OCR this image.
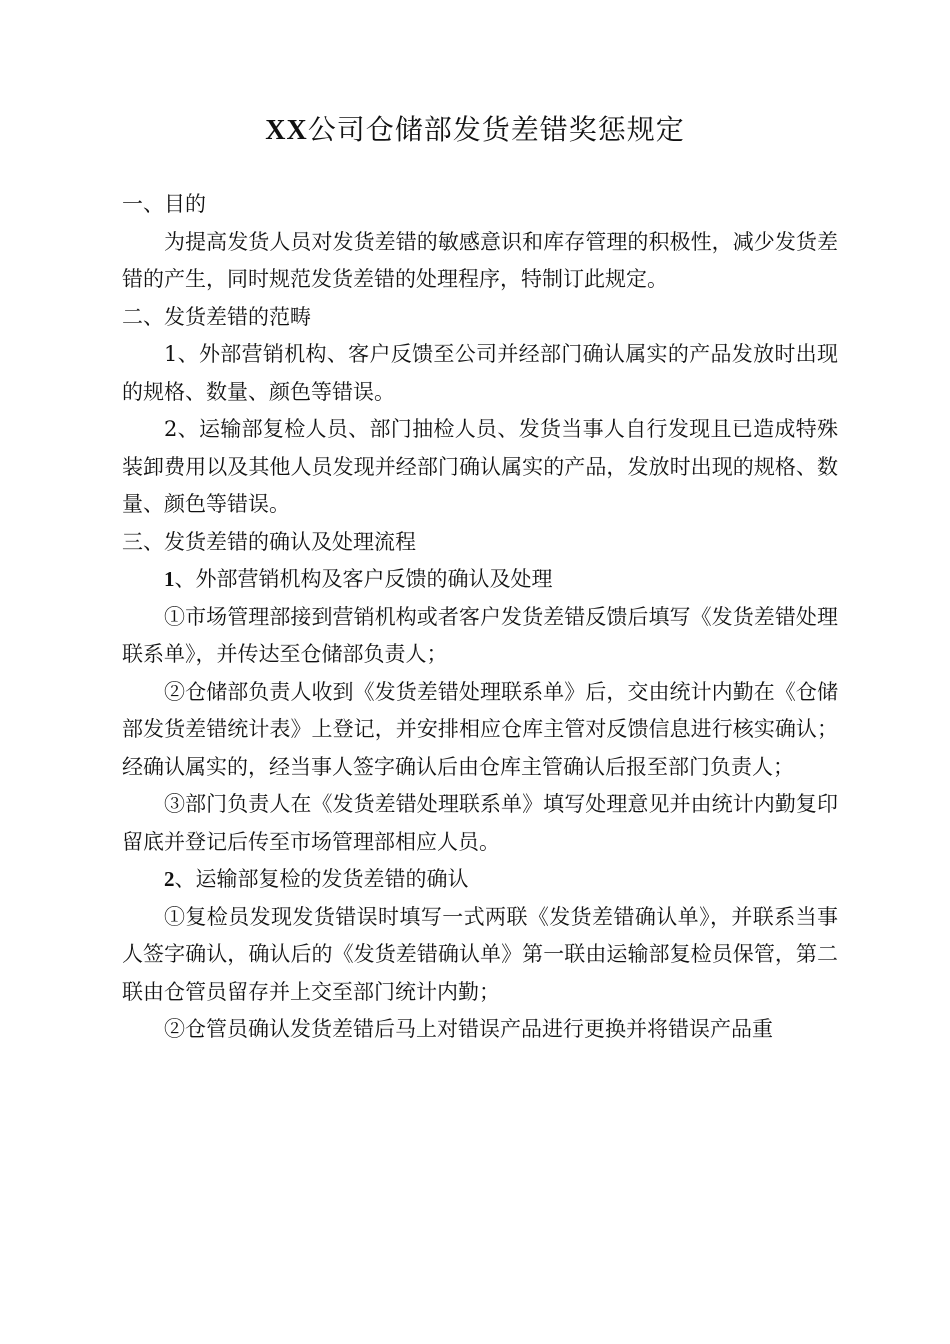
XX公司仓储部发货差错奖惩规定

一、目的

为提高发货人员对发货差错的敏感意识和库存管理的积极性，减少发货差错的产生，同时规范发货差错的处理程序，特制订此规定。

二、发货差错的范畴

1、外部营销机构、客户反馈至公司并经部门确认属实的产品发放时出现的规格、数量、颜色等错误。

2、运输部复检人员、部门抽检人员、发货当事人自行发现且已造成特殊装卸费用以及其他人员发现并经部门确认属实的产品，发放时出现的规格、数量、颜色等错误。

三、发货差错的确认及处理流程

1、外部营销机构及客户反馈的确认及处理

①市场管理部接到营销机构或者客户发货差错反馈后填写《发货差错处理联系单》，并传达至仓储部负责人；

②仓储部负责人收到《发货差错处理联系单》后，交由统计内勤在《仓储部发货差错统计表》上登记，并安排相应仓库主管对反馈信息进行核实确认；经确认属实的，经当事人签字确认后由仓库主管确认后报至部门负责人；

③部门负责人在《发货差错处理联系单》填写处理意见并由统计内勤复印留底并登记后传至市场管理部相应人员。

2、运输部复检的发货差错的确认

①复检员发现发货错误时填写一式两联《发货差错确认单》，并联系当事人签字确认，确认后的《发货差错确认单》第一联由运输部复检员保管，第二联由仓管员留存并上交至部门统计内勤；

②仓管员确认发货差错后马上对错误产品进行更换并将错误产品重
